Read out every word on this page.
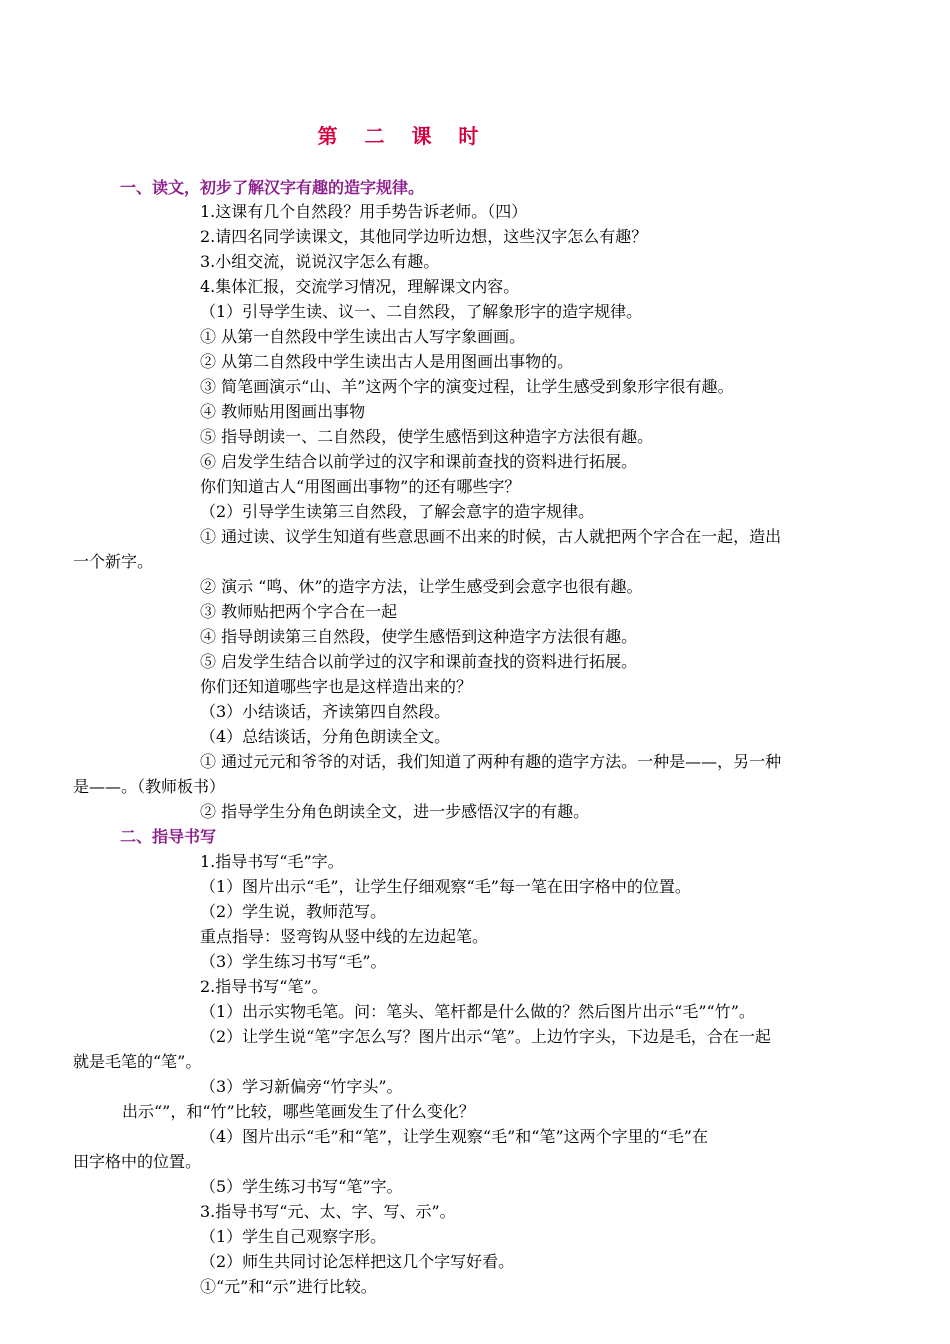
第 二 课 时
一、读文，初步了解汉字有趣的造字规律。
1.这课有几个自然段？用手势告诉老师。（四）
2.请四名同学读课文，其他同学边听边想，这些汉字怎么有趣？
3.小组交流，说说汉字怎么有趣。
4.集体汇报，交流学习情况，理解课文内容。
（1）引导学生读、议一、二自然段，了解象形字的造字规律。
① 从第一自然段中学生读出古人写字象画画。
② 从第二自然段中学生读出古人是用图画出事物的。
③ 简笔画演示“山、羊”这两个字的演变过程，让学生感受到象形字很有趣。
④ 教师贴用图画出事物
⑤ 指导朗读一、二自然段，使学生感悟到这种造字方法很有趣。
⑥ 启发学生结合以前学过的汉字和课前查找的资料进行拓展。
你们知道古人“用图画出事物”的还有哪些字？
（2）引导学生读第三自然段，了解会意字的造字规律。
① 通过读、议学生知道有些意思画不出来的时候，古人就把两个字合在一起，造出
一个新字。
② 演示 “鸣、休”的造字方法，让学生感受到会意字也很有趣。
③ 教师贴把两个字合在一起
④ 指导朗读第三自然段，使学生感悟到这种造字方法很有趣。
⑤ 启发学生结合以前学过的汉字和课前查找的资料进行拓展。
你们还知道哪些字也是这样造出来的？
（3）小结谈话，齐读第四自然段。
（4）总结谈话，分角色朗读全文。
① 通过元元和爷爷的对话，我们知道了两种有趣的造字方法。一种是——，另一种
是——。（教师板书）
② 指导学生分角色朗读全文，进一步感悟汉字的有趣。
二、指导书写
1.指导书写“毛”字。
（1）图片出示“毛”，让学生仔细观察“毛”每一笔在田字格中的位置。
（2）学生说，教师范写。
重点指导：竖弯钩从竖中线的左边起笔。
（3）学生练习书写“毛”。
2.指导书写“笔”。
（1）出示实物毛笔。问：笔头、笔杆都是什么做的？然后图片出示“毛”“竹”。
（2）让学生说“笔”字怎么写？图片出示“笔”。上边竹字头，下边是毛，合在一起
就是毛笔的“笔”。
（3）学习新偏旁“竹字头”。
出示“”，和“竹”比较，哪些笔画发生了什么变化？
（4）图片出示“毛”和“笔”，让学生观察“毛”和“笔”这两个字里的“毛”在
田字格中的位置。
（5）学生练习书写“笔”字。
3.指导书写“元、太、字、写、示”。
（1）学生自己观察字形。
（2）师生共同讨论怎样把这几个字写好看。
①“元”和“示”进行比较。
